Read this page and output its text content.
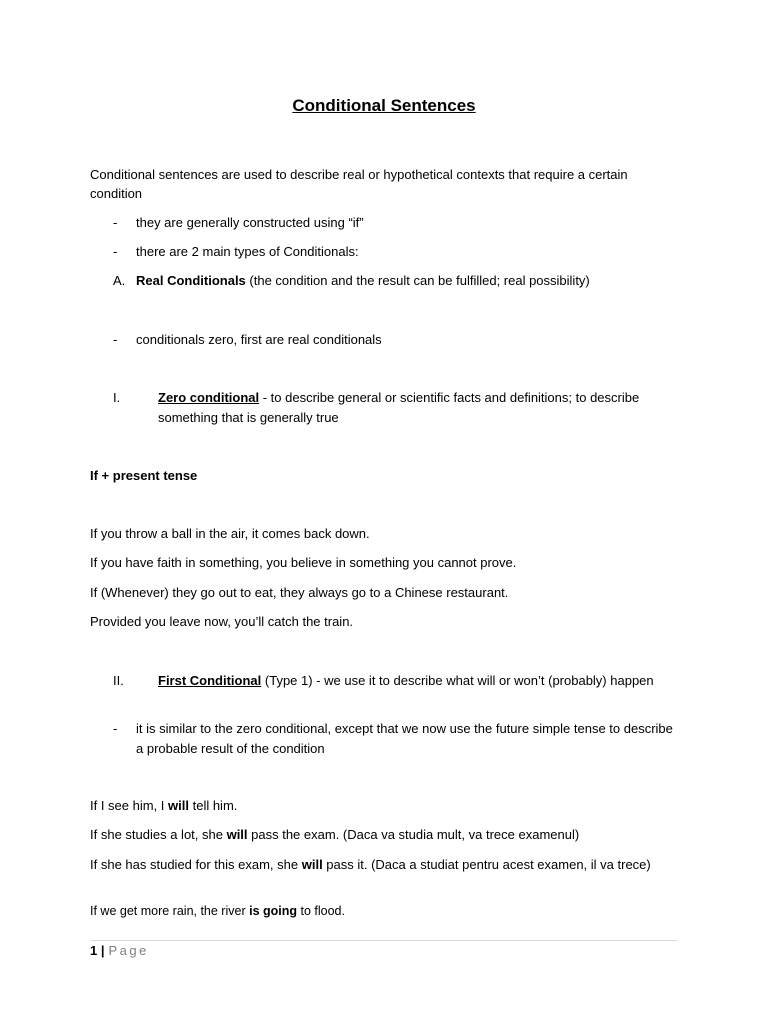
Conditional Sentences
Conditional sentences are used to describe real or hypothetical contexts that require a certain
condition
- they are generally constructed using “if”
- there are 2 main types of Conditionals:
A. Real Conditionals (the condition and the result can be fulfilled; real possibility)
- conditionals zero, first are real conditionals
I.	Zero conditional - to describe general or scientific facts and definitions; to describe something that is generally true
If + present tense
If you throw a ball in the air, it comes back down.
If you have faith in something, you believe in something you cannot prove.
If (Whenever) they go out to eat, they always go to a Chinese restaurant.
Provided you leave now, you’ll catch the train.
II.	First Conditional (Type 1) - we use it to describe what will or won’t (probably) happen
- it is similar to the zero conditional, except that we now use the future simple tense to describe a probable result of the condition
If I see him, I will tell him.
If she studies a lot, she will pass the exam. (Daca va studia mult, va trece examenul)
If she has studied for this exam, she will pass it. (Daca a studiat pentru acest examen, il va trece)
If we get more rain, the river is going to flood.
1 | Page
